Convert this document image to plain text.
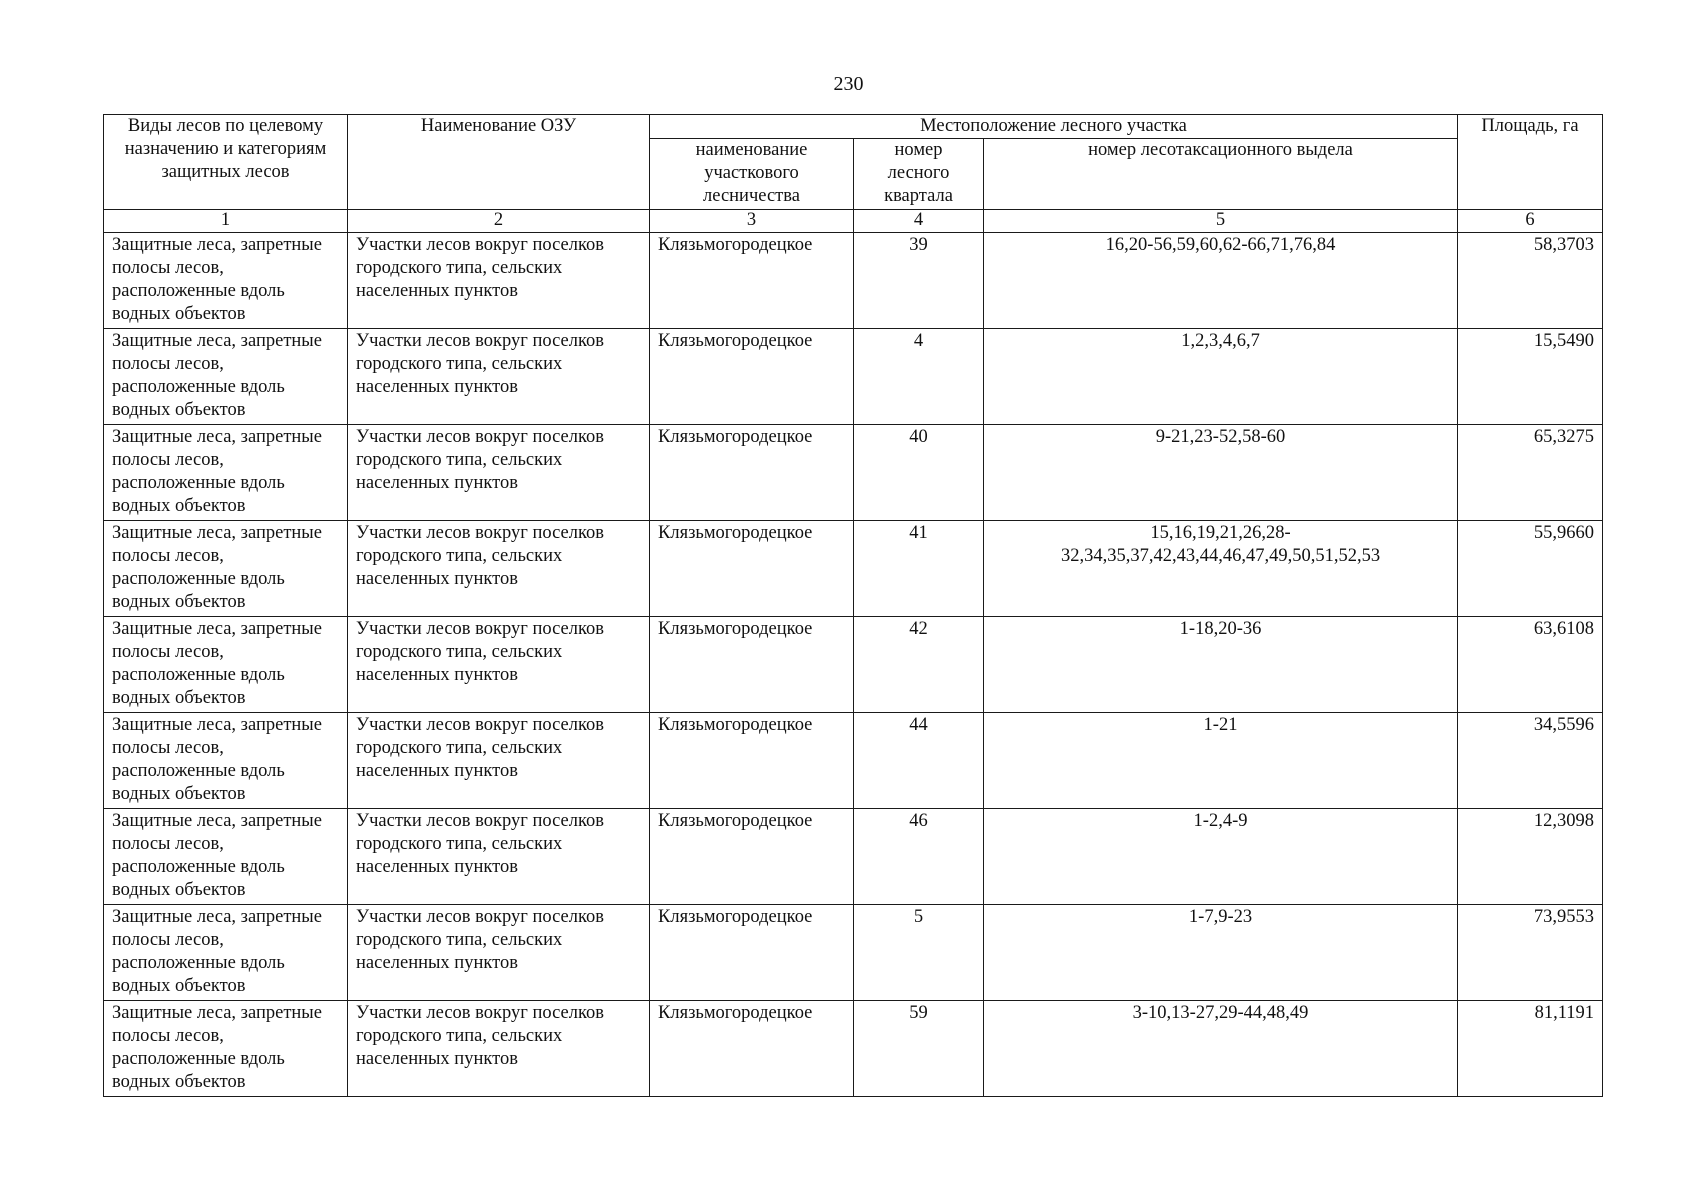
230
Виды лесов по целевому назначению и категориям защитных лесов	Наименование ОЗУ	Местоположение лесного участка			Площадь, га
		наименование участкового лесничества	номер лесного квартала	номер лесотаксационного выдела	
1	2	3	4	5	6
Защитные леса, запретные полосы лесов, расположенные вдоль водных объектов	Участки лесов вокруг поселков городского типа, сельских населенных пунктов	Клязьмогородецкое	39	16,20-56,59,60,62-66,71,76,84	58,3703
Защитные леса, запретные полосы лесов, расположенные вдоль водных объектов	Участки лесов вокруг поселков городского типа, сельских населенных пунктов	Клязьмогородецкое	4	1,2,3,4,6,7	15,5490
Защитные леса, запретные полосы лесов, расположенные вдоль водных объектов	Участки лесов вокруг поселков городского типа, сельских населенных пунктов	Клязьмогородецкое	40	9-21,23-52,58-60	65,3275
Защитные леса, запретные полосы лесов, расположенные вдоль водных объектов	Участки лесов вокруг поселков городского типа, сельских населенных пунктов	Клязьмогородецкое	41	15,16,19,21,26,28-32,34,35,37,42,43,44,46,47,49,50,51,52,53	55,9660
Защитные леса, запретные полосы лесов, расположенные вдоль водных объектов	Участки лесов вокруг поселков городского типа, сельских населенных пунктов	Клязьмогородецкое	42	1-18,20-36	63,6108
Защитные леса, запретные полосы лесов, расположенные вдоль водных объектов	Участки лесов вокруг поселков городского типа, сельских населенных пунктов	Клязьмогородецкое	44	1-21	34,5596
Защитные леса, запретные полосы лесов, расположенные вдоль водных объектов	Участки лесов вокруг поселков городского типа, сельских населенных пунктов	Клязьмогородецкое	46	1-2,4-9	12,3098
Защитные леса, запретные полосы лесов, расположенные вдоль водных объектов	Участки лесов вокруг поселков городского типа, сельских населенных пунктов	Клязьмогородецкое	5	1-7,9-23	73,9553
Защитные леса, запретные полосы лесов, расположенные вдоль водных объектов	Участки лесов вокруг поселков городского типа, сельских населенных пунктов	Клязьмогородецкое	59	3-10,13-27,29-44,48,49	81,1191
